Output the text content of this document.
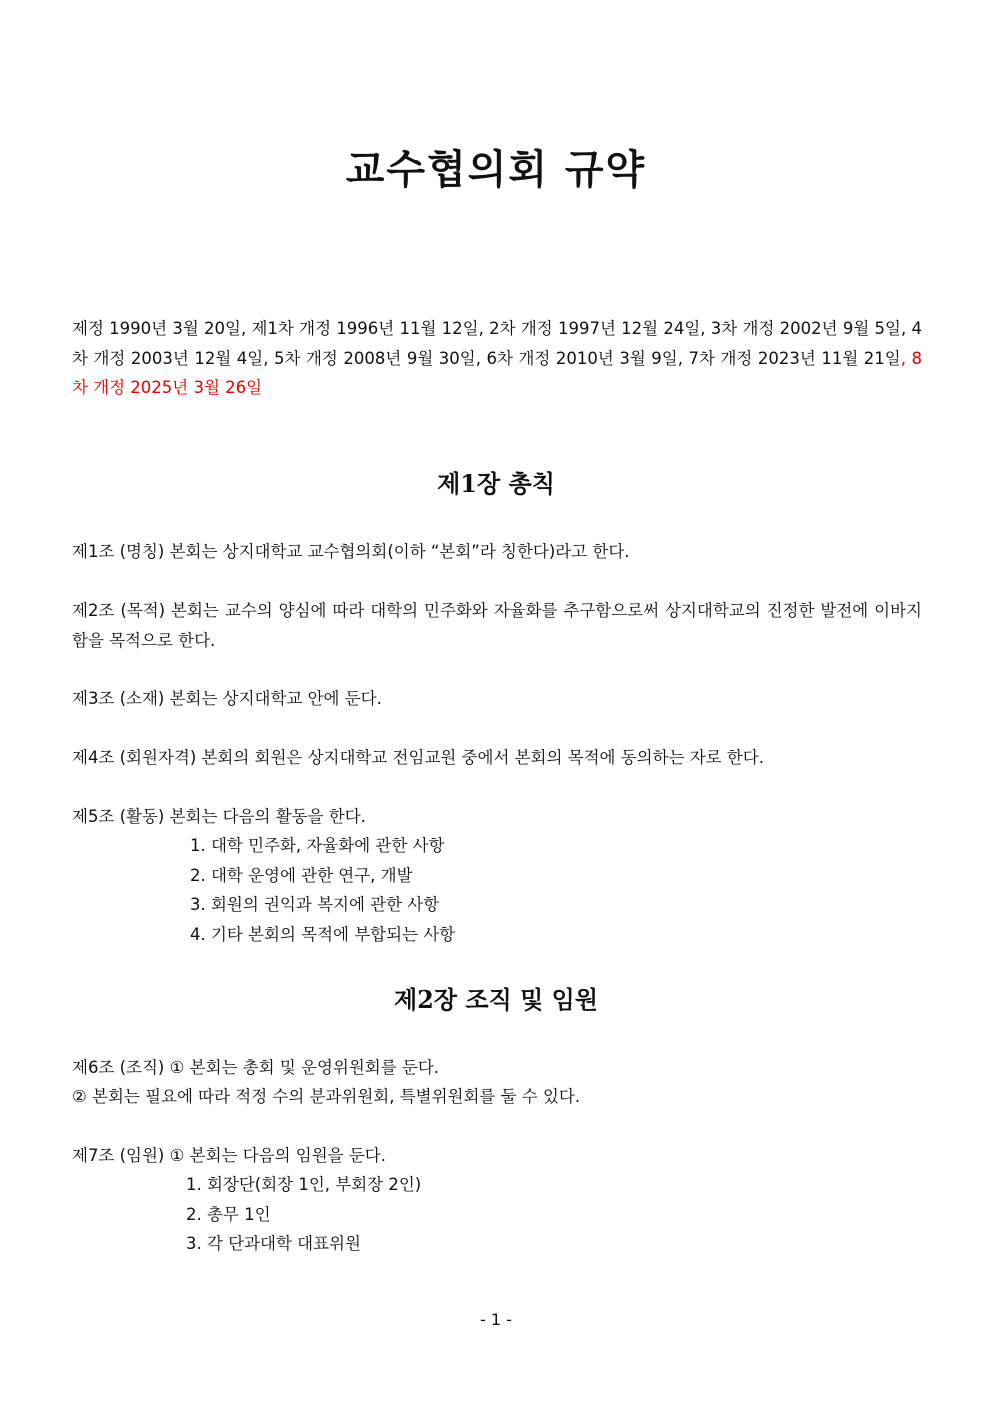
교수협의회 규약
제정 1990년 3월 20일, 제1차 개정 1996년 11월 12일, 2차 개정 1997년 12월 24일, 3차 개정 2002년 9월 5일, 4차 개정 2003년 12월 4일, 5차 개정 2008년 9월 30일, 6차 개정 2010년 3월 9일, 7차 개정 2023년 11월 21일, 8차 개정 2025년 3월 26일
제1장 총칙
제1조 (명칭) 본회는 상지대학교 교수협의회(이하 “본회”라 칭한다)라고 한다.
제2조 (목적) 본회는 교수의 양심에 따라 대학의 민주화와 자율화를 추구함으로써 상지대학교의 진정한 발전에 이바지함을 목적으로 한다.
제3조 (소재) 본회는 상지대학교 안에 둔다.
제4조 (회원자격) 본회의 회원은 상지대학교 전임교원 중에서 본회의 목적에 동의하는 자로 한다.
제5조 (활동) 본회는 다음의 활동을 한다.
1. 대학 민주화, 자율화에 관한 사항
2. 대학 운영에 관한 연구, 개발
3. 회원의 권익과 복지에 관한 사항
4. 기타 본회의 목적에 부합되는 사항
제2장 조직 및 임원
제6조 (조직) ① 본회는 총회 및 운영위원회를 둔다.
② 본회는 필요에 따라 적정 수의 분과위원회, 특별위원회를 둘 수 있다.
제7조 (임원) ① 본회는 다음의 임원을 둔다.
1. 회장단(회장 1인, 부회장 2인)
2. 총무 1인
3. 각 단과대학 대표위원
- 1 -
